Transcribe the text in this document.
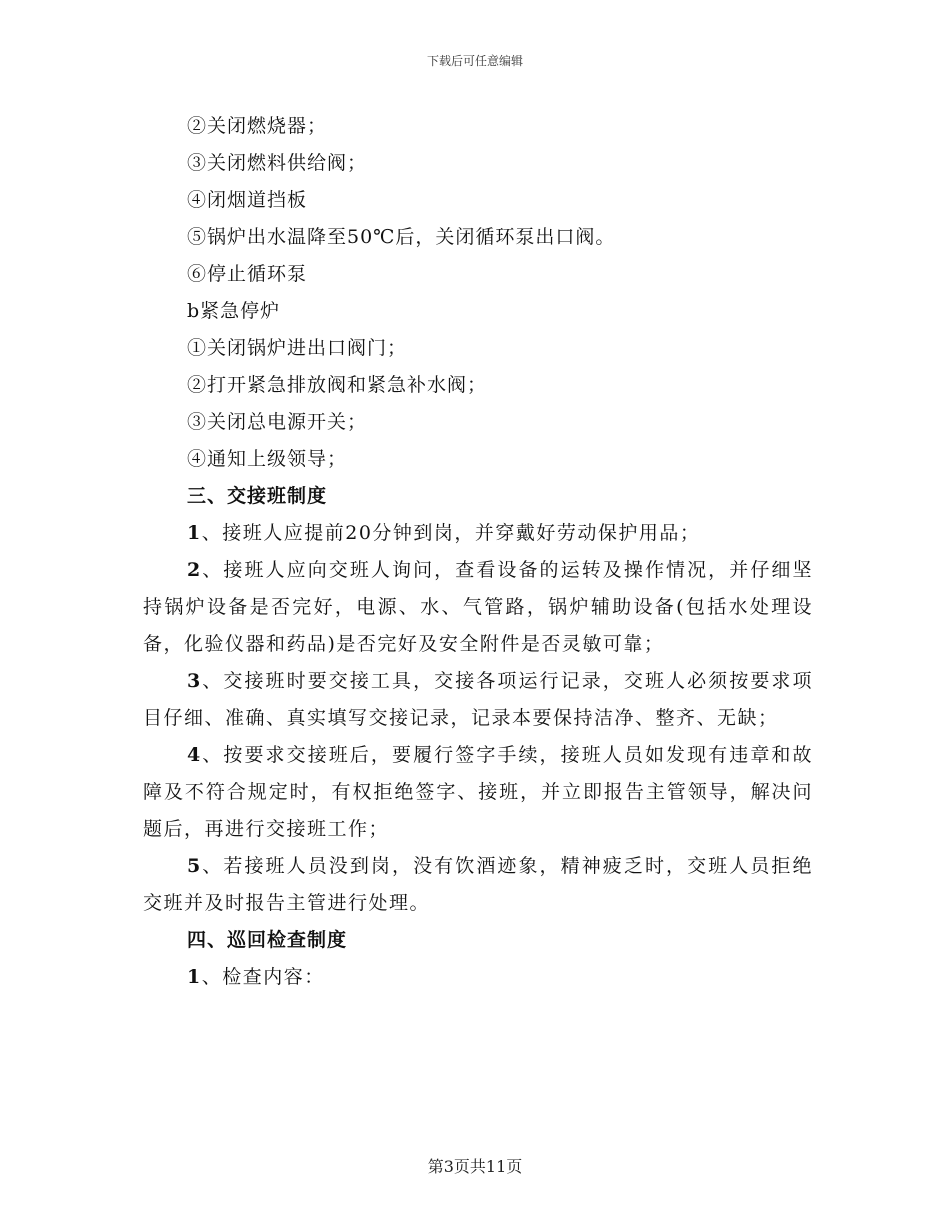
下载后可任意编辑
②关闭燃烧器；
③关闭燃料供给阀；
④闭烟道挡板
⑤锅炉出水温降至50℃后，关闭循环泵出口阀。
⑥停止循环泵
b紧急停炉
①关闭锅炉进出口阀门；
②打开紧急排放阀和紧急补水阀；
③关闭总电源开关；
④通知上级领导；
三、交接班制度
1、接班人应提前20分钟到岗，并穿戴好劳动保护用品；
2、接班人应向交班人询问，查看设备的运转及操作情况，并仔细坚持锅炉设备是否完好，电源、水、气管路，锅炉辅助设备(包括水处理设备，化验仪器和药品)是否完好及安全附件是否灵敏可靠；
3、交接班时要交接工具，交接各项运行记录，交班人必须按要求项目仔细、准确、真实填写交接记录，记录本要保持洁净、整齐、无缺；
4、按要求交接班后，要履行签字手续，接班人员如发现有违章和故障及不符合规定时，有权拒绝签字、接班，并立即报告主管领导，解决问题后，再进行交接班工作；
5、若接班人员没到岗，没有饮酒迹象，精神疲乏时，交班人员拒绝交班并及时报告主管进行处理。
四、巡回检查制度
1、检查内容：
第3页共11页
